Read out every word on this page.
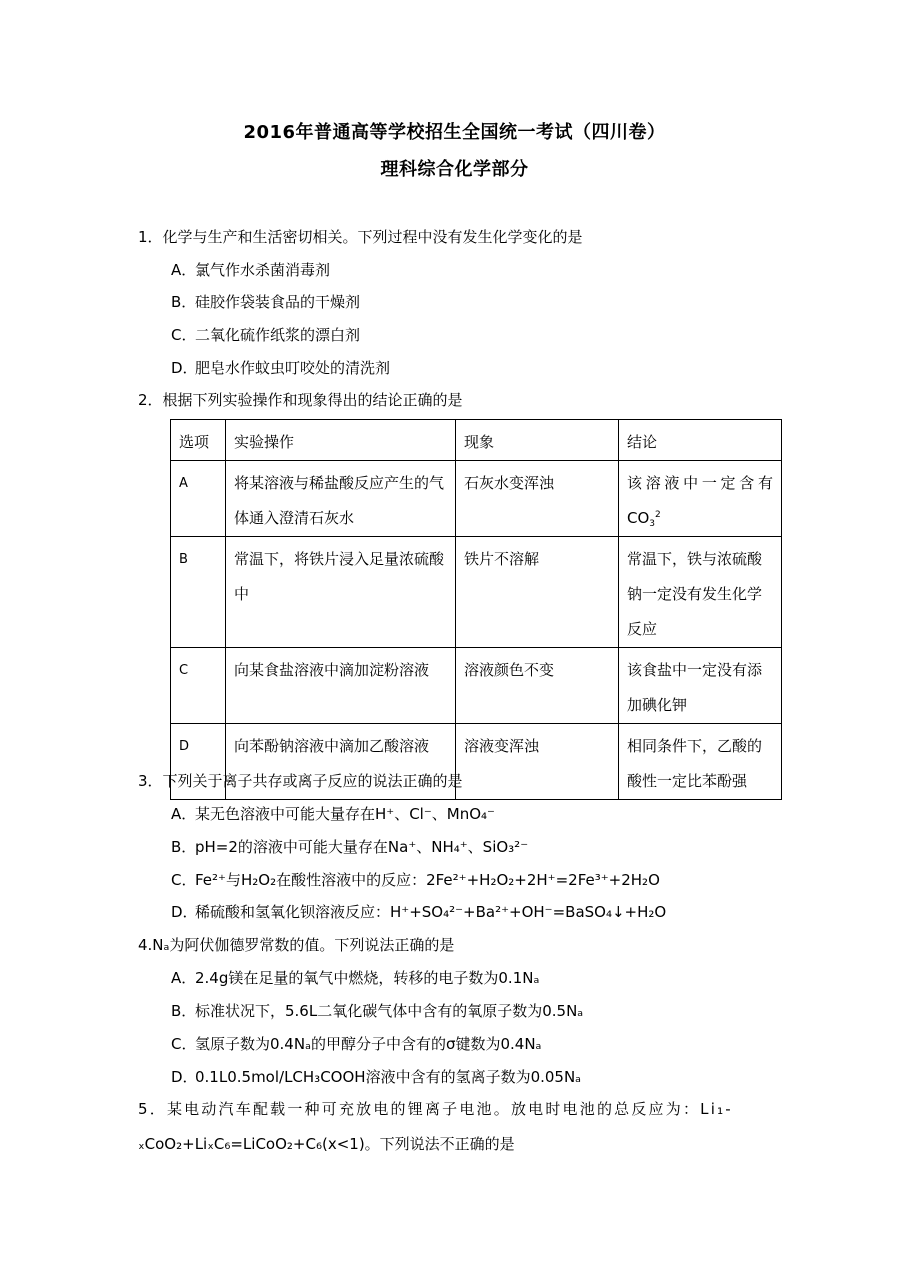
2016年普通高等学校招生全国统一考试（四川卷）
理科综合化学部分
1．化学与生产和生活密切相关。下列过程中没有发生化学变化的是
A．氯气作水杀菌消毒剂
B．硅胶作袋装食品的干燥剂
C．二氧化硫作纸浆的漂白剂
D．肥皂水作蚊虫叮咬处的清洗剂
2．根据下列实验操作和现象得出的结论正确的是
选项	实验操作	现象	结论
A	将某溶液与稀盐酸反应产生的气体通入澄清石灰水	石灰水变浑浊	该溶液中一定含有$CO_3^2$
B	常温下，将铁片浸入足量浓硫酸中	铁片不溶解	常温下，铁与浓硫酸钠一定没有发生化学反应
C	向某食盐溶液中滴加淀粉溶液	溶液颜色不变	该食盐中一定没有添加碘化钾
D	向苯酚钠溶液中滴加乙酸溶液	溶液变浑浊	相同条件下，乙酸的酸性一定比苯酚强
3．下列关于离子共存或离子反应的说法正确的是
A．某无色溶液中可能大量存在H⁺、Cl⁻、MnO₄⁻
B．pH=2的溶液中可能大量存在Na⁺、NH₄⁺、SiO₃²⁻
C．Fe²⁺与H₂O₂在酸性溶液中的反应：2Fe²⁺+H₂O₂+2H⁺=2Fe³⁺+2H₂O
D．稀硫酸和氢氧化钡溶液反应：H⁺+SO₄²⁻+Ba²⁺+OH⁻=BaSO₄↓+H₂O
4.Nₐ为阿伏伽德罗常数的值。下列说法正确的是
A．2.4g镁在足量的氧气中燃烧，转移的电子数为0.1Nₐ
B．标准状况下，5.6L二氧化碳气体中含有的氧原子数为0.5Nₐ
C．氢原子数为0.4Nₐ的甲醇分子中含有的σ键数为0.4Nₐ
D．0.1L0.5mol/LCH₃COOH溶液中含有的氢离子数为0.05Nₐ
5．某电动汽车配载一种可充放电的锂离子电池。放电时电池的总反应为：Li₁-
ₓCoO₂+LiₓC₆=LiCoO₂+C₆(x<1)。下列说法不正确的是
